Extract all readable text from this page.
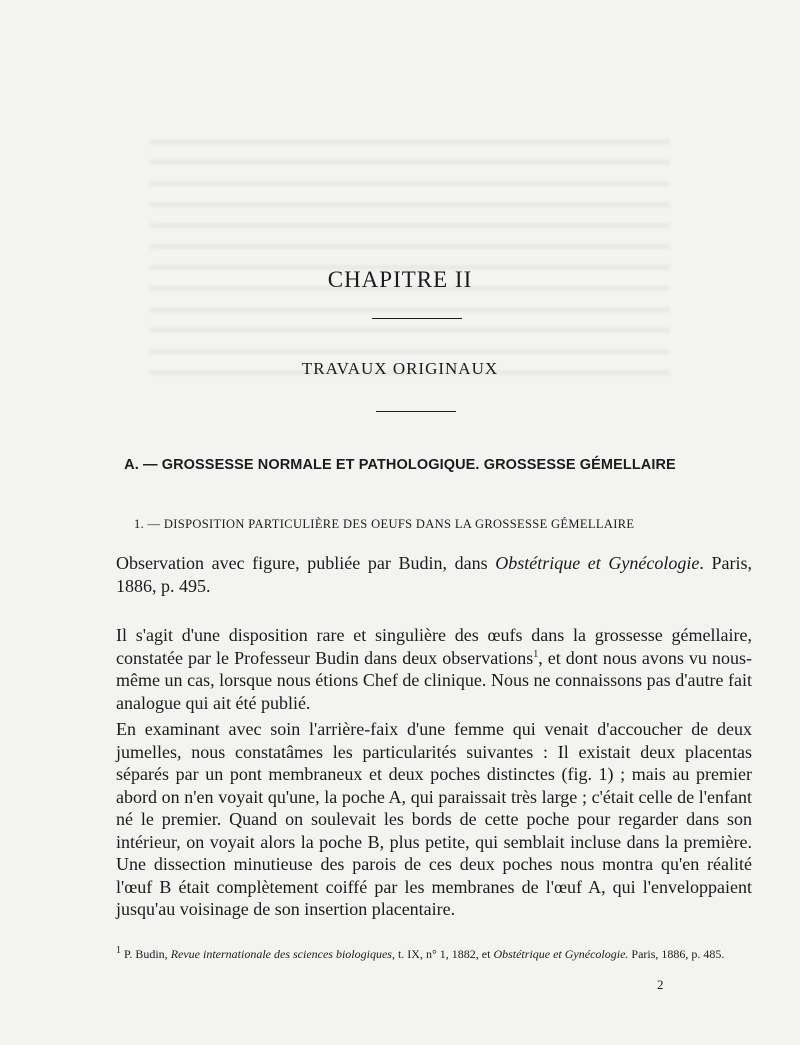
CHAPITRE II
TRAVAUX ORIGINAUX
A. — GROSSESSE NORMALE ET PATHOLOGIQUE. GROSSESSE GÉMELLAIRE
1. — DISPOSITION PARTICULIÈRE DES OEUFS DANS LA GROSSESSE GÉMELLAIRE

Observation avec figure, publiée par Budin, dans Obstétrique et Gynécologie. Paris, 1886, p. 495.

Il s'agit d'une disposition rare et singulière des œufs dans la grossesse gémellaire, constatée par le Professeur Budin dans deux observations$^1$, et dont nous avons vu nous-même un cas, lorsque nous étions Chef de clinique. Nous ne connaissons pas d'autre fait analogue qui ait été publié.

En examinant avec soin l'arrière-faix d'une femme qui venait d'accoucher de deux jumelles, nous constatâmes les particularités suivantes : Il existait deux placentas séparés par un pont membraneux et deux poches distinctes (fig. 1) ; mais au premier abord on n'en voyait qu'une, la poche A, qui paraissait très large ; c'était celle de l'enfant né le premier. Quand on soulevait les bords de cette poche pour regarder dans son intérieur, on voyait alors la poche B, plus petite, qui semblait incluse dans la première. Une dissection minutieuse des parois de ces deux poches nous montra qu'en réalité l'œuf B était complètement coiffé par les membranes de l'œuf A, qui l'enveloppaient jusqu'au voisinage de son insertion placentaire.

$^1$ P. Budin, Revue internationale des sciences biologiques, t. IX, n° 1, 1882, et Obstétrique et Gynécologie. Paris, 1886, p. 485.

2
